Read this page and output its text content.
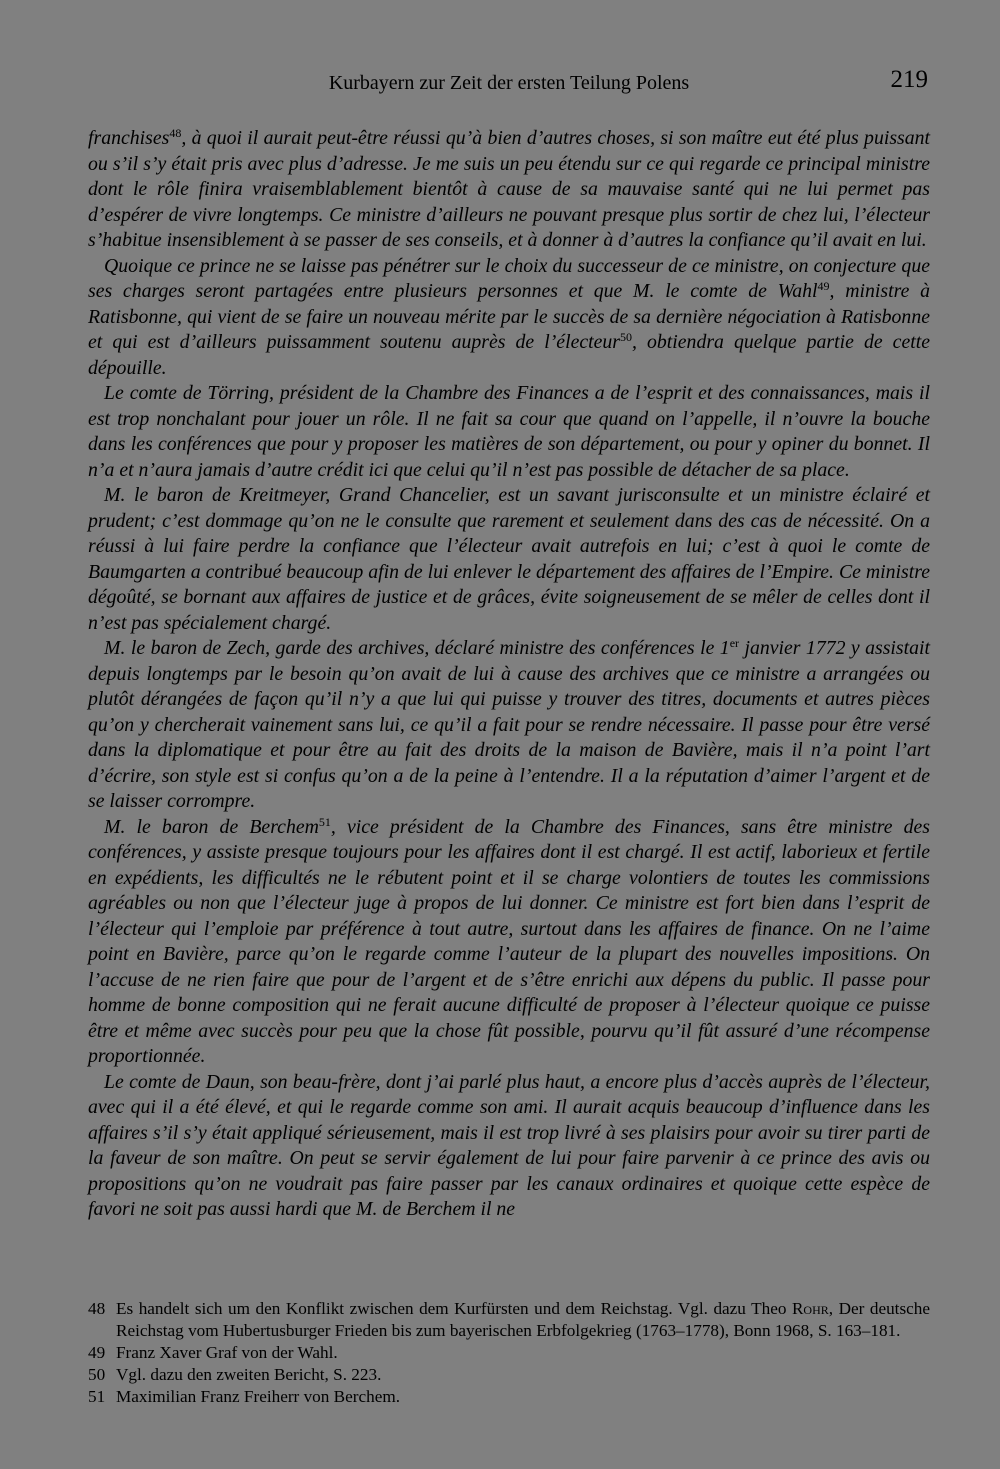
Kurbayern zur Zeit der ersten Teilung Polens	219

franchises$^{48}$, à quoi il aurait peut-être réussi qu’à bien d’autres choses, si son maître eut été plus puissant ou s’il s’y était pris avec plus d’adresse. Je me suis un peu étendu sur ce qui regarde ce principal ministre dont le rôle finira vraisemblablement bientôt à cause de sa mauvaise santé qui ne lui permet pas d’espérer de vivre longtemps. Ce ministre d’ailleurs ne pouvant presque plus sortir de chez lui, l’électeur s’habitue insensiblement à se passer de ses conseils, et à donner à d’autres la confiance qu’il avait en lui.

Quoique ce prince ne se laisse pas pénétrer sur le choix du successeur de ce ministre, on conjecture que ses charges seront partagées entre plusieurs personnes et que M. le comte de Wahl$^{49}$, ministre à Ratisbonne, qui vient de se faire un nouveau mérite par le succès de sa dernière négociation à Ratisbonne et qui est d’ailleurs puissamment soutenu auprès de l’électeur$^{50}$, obtiendra quelque partie de cette dépouille.

Le comte de Törring, président de la Chambre des Finances a de l’esprit et des connaissances, mais il est trop nonchalant pour jouer un rôle. Il ne fait sa cour que quand on l’appelle, il n’ouvre la bouche dans les conférences que pour y proposer les matières de son département, ou pour y opiner du bonnet. Il n’a et n’aura jamais d’autre crédit ici que celui qu’il n’est pas possible de détacher de sa place.

M. le baron de Kreitmeyer, Grand Chancelier, est un savant jurisconsulte et un ministre éclairé et prudent; c’est dommage qu’on ne le consulte que rarement et seulement dans des cas de nécessité. On a réussi à lui faire perdre la confiance que l’électeur avait autrefois en lui; c’est à quoi le comte de Baumgarten a contribué beaucoup afin de lui enlever le département des affaires de l’Empire. Ce ministre dégoûté, se bornant aux affaires de justice et de grâces, évite soigneusement de se mêler de celles dont il n’est pas spécialement chargé.

M. le baron de Zech, garde des archives, déclaré ministre des conférences le 1er janvier 1772 y assistait depuis longtemps par le besoin qu’on avait de lui à cause des archives que ce ministre a arrangées ou plutôt dérangées de façon qu’il n’y a que lui qui puisse y trouver des titres, documents et autres pièces qu’on y chercherait vainement sans lui, ce qu’il a fait pour se rendre nécessaire. Il passe pour être versé dans la diplomatique et pour être au fait des droits de la maison de Bavière, mais il n’a point l’art d’écrire, son style est si confus qu’on a de la peine à l’entendre. Il a la réputation d’aimer l’argent et de se laisser corrompre.

M. le baron de Berchem$^{51}$, vice président de la Chambre des Finances, sans être ministre des conférences, y assiste presque toujours pour les affaires dont il est chargé. Il est actif, laborieux et fertile en expédients, les difficultés ne le rébutent point et il se charge volontiers de toutes les commissions agréables ou non que l’électeur juge à propos de lui donner. Ce ministre est fort bien dans l’esprit de l’électeur qui l’emploie par préférence à tout autre, surtout dans les affaires de finance. On ne l’aime point en Bavière, parce qu’on le regarde comme l’auteur de la plupart des nouvelles impositions. On l’accuse de ne rien faire que pour de l’argent et de s’être enrichi aux dépens du public. Il passe pour homme de bonne composition qui ne ferait aucune difficulté de proposer à l’électeur quoique ce puisse être et même avec succès pour peu que la chose fût possible, pourvu qu’il fût assuré d’une récompense proportionnée.

Le comte de Daun, son beau-frère, dont j’ai parlé plus haut, a encore plus d’accès auprès de l’électeur, avec qui il a été élevé, et qui le regarde comme son ami. Il aurait acquis beaucoup d’influence dans les affaires s’il s’y était appliqué sérieusement, mais il est trop livré à ses plaisirs pour avoir su tirer parti de la faveur de son maître. On peut se servir également de lui pour faire parvenir à ce prince des avis ou propositions qu’on ne voudrait pas faire passer par les canaux ordinaires et quoique cette espèce de favori ne soit pas aussi hardi que M. de Berchem il ne

48 Es handelt sich um den Konflikt zwischen dem Kurfürsten und dem Reichstag. Vgl. dazu Theo Rohr, Der deutsche Reichstag vom Hubertusburger Frieden bis zum bayerischen Erbfolgekrieg (1763–1778), Bonn 1968, S. 163–181.
49 Franz Xaver Graf von der Wahl.
50 Vgl. dazu den zweiten Bericht, S. 223.
51 Maximilian Franz Freiherr von Berchem.
